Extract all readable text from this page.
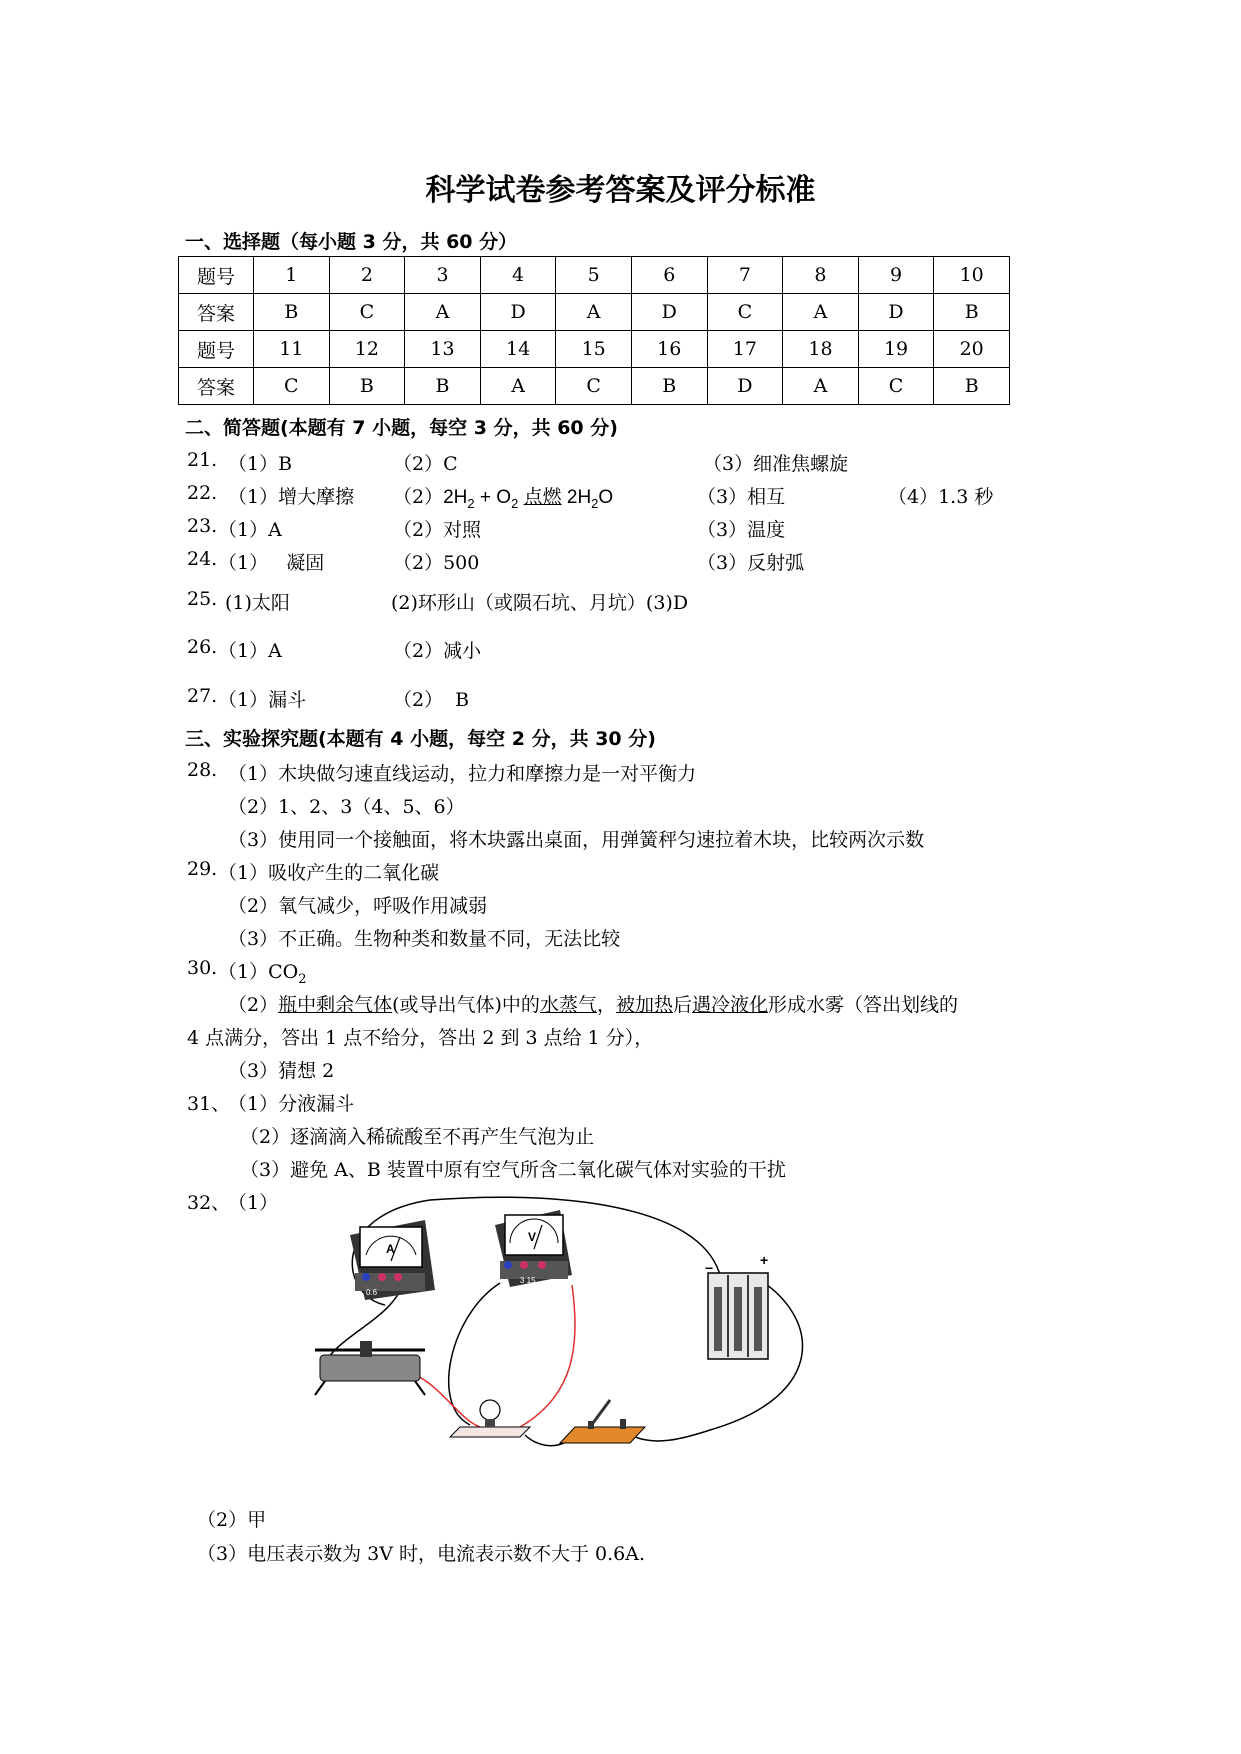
科学试卷参考答案及评分标准
一、选择题（每小题 3 分，共 60 分）
题号	1	2	3	4	5	6	7	8	9	10
答案	B	C	A	D	A	D	C	A	D	B
题号	11	12	13	14	15	16	17	18	19	20
答案	C	B	B	A	C	B	D	A	C	B
二、简答题(本题有 7 小题，每空 3 分，共 60 分)
21. （1）B	（2）C	（3）细准焦螺旋
22. （1）增大摩擦 $(2)2H_2 + O_2$ 点燃 $2H_2O$	（3）相互	（4）1.3 秒
23. （1）A	（2）对照	（3）温度
24. （1）   凝固	（2）500	（3）反射弧
25. (1)太阳	(2)环形山（或陨石坑、月坑）(3)D
26. （1）A	（2）减小
27. （1）漏斗	（2）  B
三、实验探究题(本题有 4 小题，每空 2 分，共 30 分)
28. （1）木块做匀速直线运动，拉力和摩擦力是一对平衡力
（2）1、2、3（4、5、6）
（3）使用同一个接触面，将木块露出桌面，用弹簧秤匀速拉着木块，比较两次示数
29. （1）吸收产生的二氧化碳
（2）氧气减少，呼吸作用减弱
（3）不正确。生物种类和数量不同，无法比较
30. $(1)CO_2$
（2）瓶中剩余气体(或导出气体)中的水蒸气，被加热后遇冷液化形成水雾（答出划线的
4 点满分，答出 1 点不给分，答出 2 到 3 点给 1 分），
（3）猜想 2
31、
（1）分液漏斗
（2）逐滴滴入稀硫酸至不再产生气泡为止
（3）避免 A、B 装置中原有空气所含二氧化碳气体对实验的干扰
32、
（1）
A
0.6
V
3 15
−	+
（2）甲
（3）电压表示数为 3V 时，电流表示数不大于 0.6A.
